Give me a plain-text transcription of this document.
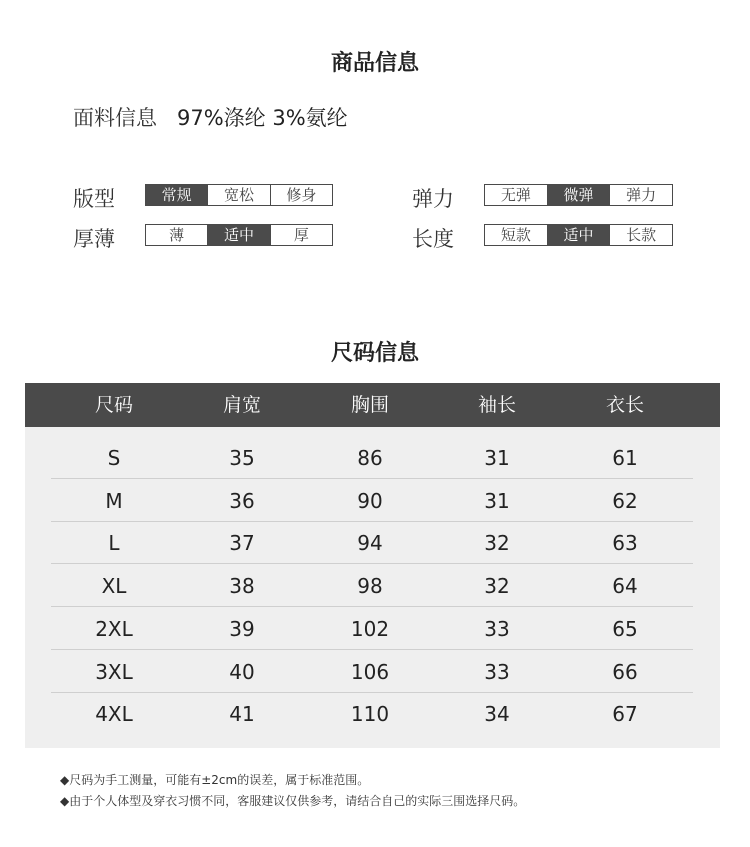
商品信息
面料信息 97%涤纶 3%氨纶
版型	常规	宽松	修身
厚薄	薄	适中	厚
弹力	无弹	微弹	弹力
长度	短款	适中	长款
尺码信息
尺码	肩宽	胸围	袖长	衣长
S	35	86	31	61
M	36	90	31	62
L	37	94	32	63
XL	38	98	32	64
2XL	39	102	33	65
3XL	40	106	33	66
4XL	41	110	34	67
◆尺码为手工测量，可能有±2cm的误差，属于标准范围。
◆由于个人体型及穿衣习惯不同，客服建议仅供参考，请结合自己的实际三围选择尺码。
